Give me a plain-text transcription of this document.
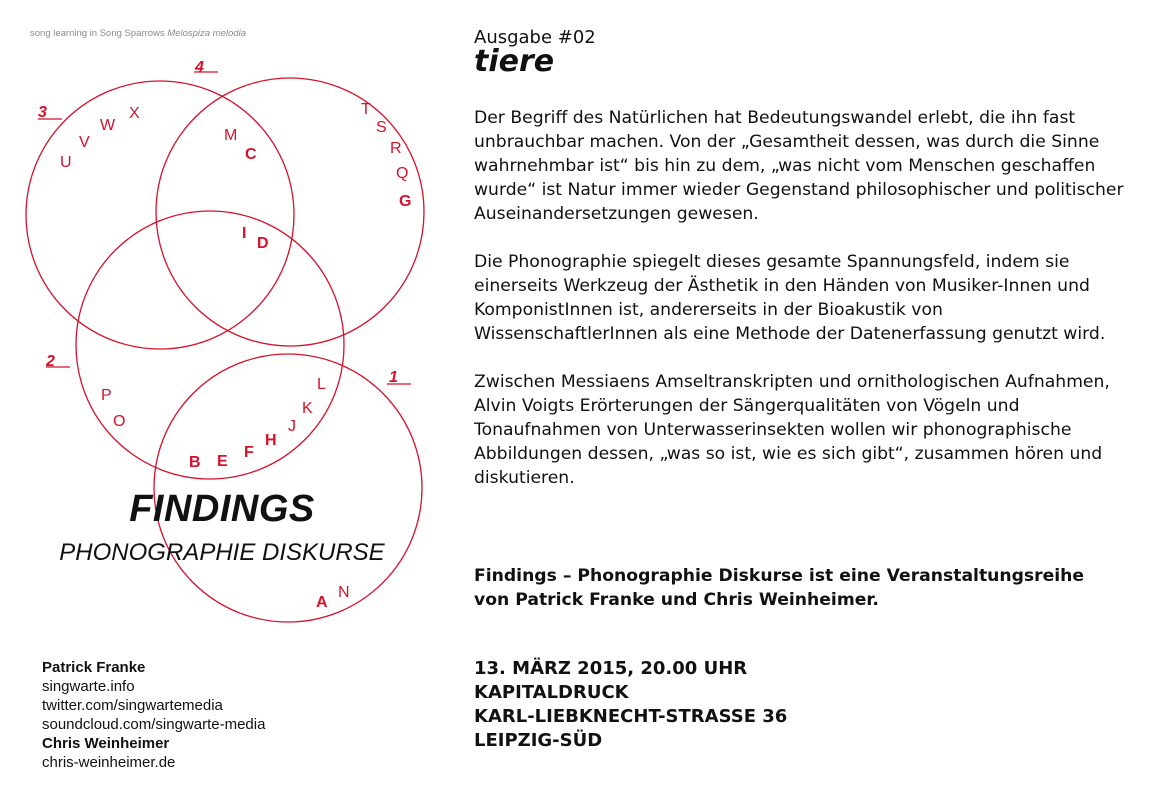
song learning in Song Sparrows Melospiza melodia
3
4
2
1
X
W
V
U
M
C
T
S
R
Q
G
I
D
P
O
L
K
J
H
F
E
B
N
A
FINDINGS
PHONOGRAPHIE DISKURSE
Patrick Franke
singwarte.info
twitter.com/singwartemedia
soundcloud.com/singwarte-media
Chris Weinheimer
chris-weinheimer.de
Ausgabe #02
tiere

Der Begriff des Natürlichen hat Bedeutungswandel erlebt, die ihn fast unbrauchbar machen. Von der „Gesamtheit dessen, was durch die Sinne wahrnehmbar ist“ bis hin zu dem, „was nicht vom Menschen geschaffen wurde“ ist Natur immer wieder Gegenstand philosophischer und politischer Auseinandersetzungen gewesen.

Die Phonographie spiegelt dieses gesamte Spannungsfeld, indem sie einerseits Werkzeug der Ästhetik in den Händen von Musiker-Innen und KomponistInnen ist, andererseits in der Bioakustik von WissenschaftlerInnen als eine Methode der Datenerfassung genutzt wird.

Zwischen Messiaens Amseltranskripten und ornithologischen Aufnahmen, Alvin Voigts Erörterungen der Sängerqualitäten von Vögeln und Tonaufnahmen von Unterwasserinsekten wollen wir phonographische Abbildungen dessen, „was so ist, wie es sich gibt“, zusammen hören und diskutieren.

Findings – Phonographie Diskurse ist eine Veranstaltungsreihe von Patrick Franke und Chris Weinheimer.
13. MÄRZ 2015, 20.00 UHR
KAPITALDRUCK
KARL-LIEBKNECHT-STRASSE 36
LEIPZIG-SÜD
